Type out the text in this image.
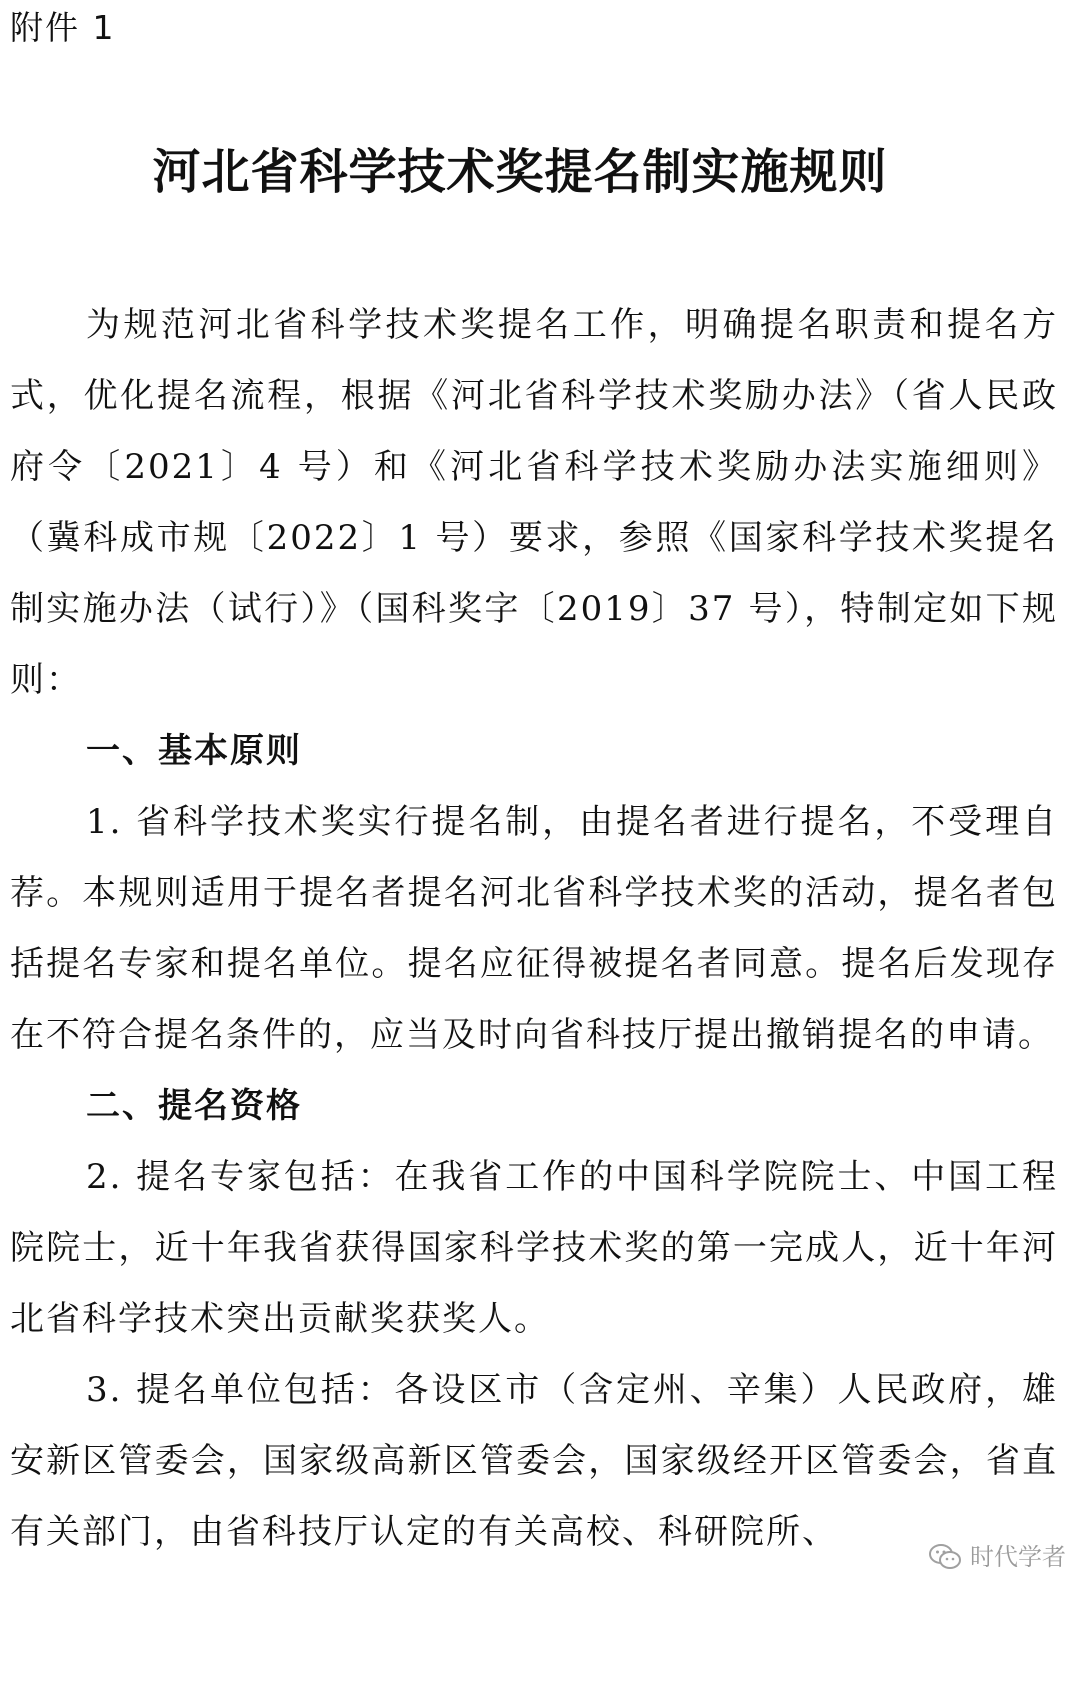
附件 1
河北省科学技术奖提名制实施规则

为规范河北省科学技术奖提名工作，明确提名职责和提名方式，优化提名流程，根据《河北省科学技术奖励办法》（省人民政府令〔2021〕4 号）和《河北省科学技术奖励办法实施细则》（冀科成市规〔2022〕1 号）要求，参照《国家科学技术奖提名制实施办法（试行）》（国科奖字〔2019〕37 号），特制定如下规则：

一、基本原则

1. 省科学技术奖实行提名制，由提名者进行提名，不受理自荐。本规则适用于提名者提名河北省科学技术奖的活动，提名者包括提名专家和提名单位。提名应征得被提名者同意。提名后发现存在不符合提名条件的，应当及时向省科技厅提出撤销提名的申请。

二、提名资格

2. 提名专家包括：在我省工作的中国科学院院士、中国工程院院士，近十年我省获得国家科学技术奖的第一完成人，近十年河北省科学技术突出贡献奖获奖人。

3. 提名单位包括：各设区市（含定州、辛集）人民政府，雄安新区管委会，国家级高新区管委会，国家级经开区管委会，省直有关部门，由省科技厅认定的有关高校、科研院所、

时代学者
